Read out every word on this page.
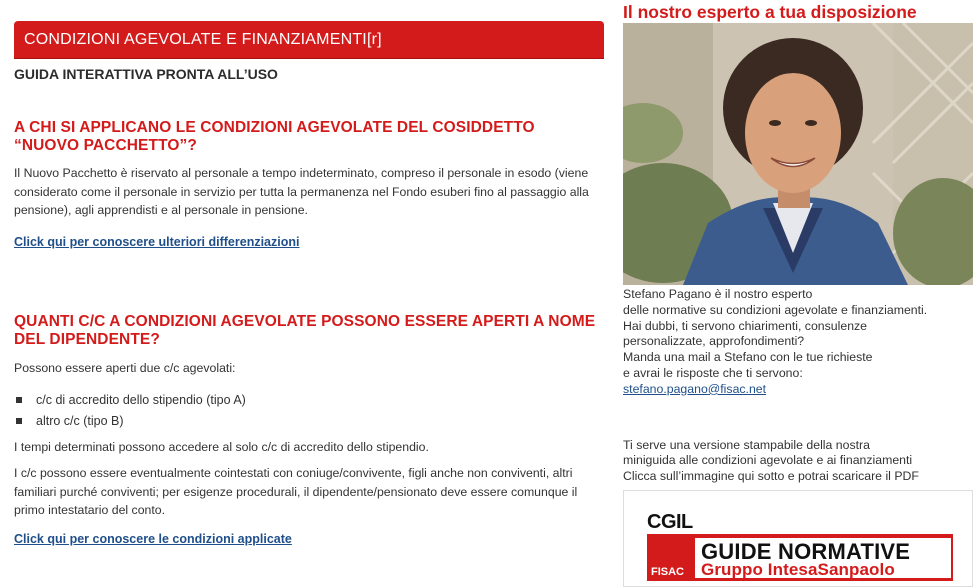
CONDIZIONI AGEVOLATE E FINANZIAMENTI[r]
GUIDA INTERATTIVA PRONTA ALL’USO
A CHI SI APPLICANO LE CONDIZIONI AGEVOLATE DEL COSIDDETTO “NUOVO PACCHETTO”?
Il Nuovo Pacchetto è riservato al personale a tempo indeterminato, compreso il personale in esodo (viene considerato come il personale in servizio per tutta la permanenza nel Fondo esuberi fino al passaggio alla pensione), agli apprendisti e al personale in pensione.
Click qui per conoscere ulteriori differenziazioni
QUANTI C/C A CONDIZIONI AGEVOLATE POSSONO ESSERE APERTI A NOME DEL DIPENDENTE?
Possono essere aperti due c/c agevolati:
c/c di accredito dello stipendio (tipo A)
altro c/c (tipo B)
I tempi determinati possono accedere al solo c/c di accredito dello stipendio.
I c/c possono essere eventualmente cointestati con coniuge/convivente, figli anche non conviventi, altri familiari purché conviventi; per esigenze procedurali, il dipendente/pensionato deve essere comunque il primo intestatario del conto.
Click qui per conoscere le condizioni applicate
Il nostro esperto a tua disposizione
Stefano Pagano è il nostro esperto
delle normative su condizioni agevolate e finanziamenti.
Hai dubbi, ti servono chiarimenti, consulenze
personalizzate, approfondimenti?
Manda una mail a Stefano con le tue richieste
e avrai le risposte che ti servono:
stefano.pagano@fisac.net
Ti serve una versione stampabile della nostra
miniguida alle condizioni agevolate e ai finanziamenti
Clicca sull’immagine qui sotto e potrai scaricare il PDF
CGIL
FISAC
GUIDE NORMATIVE
Gruppo IntesaSanpaolo
